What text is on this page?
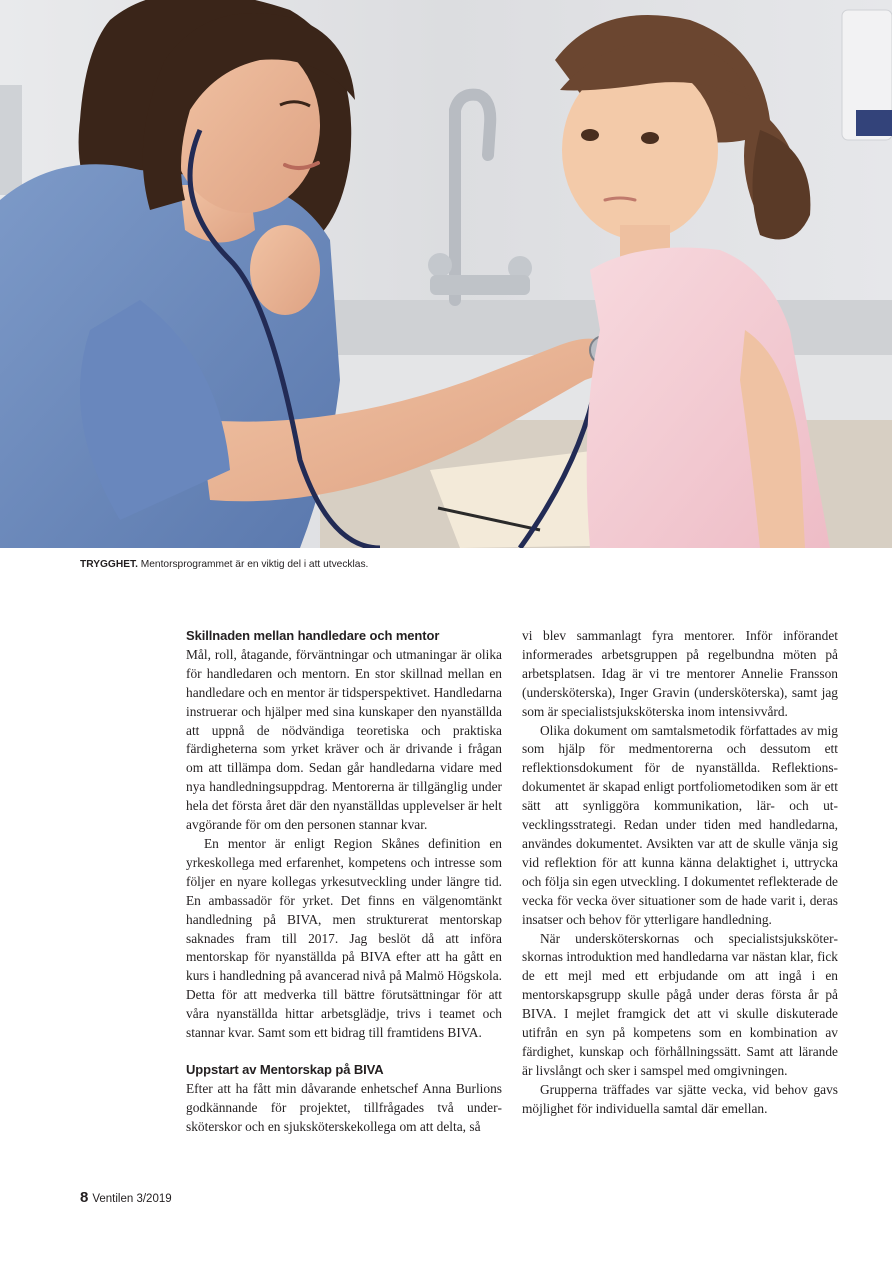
TRYGGHET. Mentorsprogrammet är en viktig del i att utvecklas.
Skillnaden mellan handledare och mentor

Mål, roll, åtagande, förväntningar och utmaningar är olika för handledaren och mentorn. En stor skillnad mellan en handledare och en mentor är tidsperspektivet. Handledarna instruerar och hjälper med sina kunskaper den nyanställda att uppnå de nödvändiga teoretiska och praktiska färdigheterna som yrket kräver och är drivande i frågan om att tillämpa dom. Sedan går handledarna vidare med nya handledningsuppdrag. Mentorerna är tillgänglig under hela det första året där den nyanställdas upplevelser är helt avgörande för om den personen stannar kvar.

En mentor är enligt Region Skånes definition en yrkeskollega med erfarenhet, kompetens och intresse som följer en nyare kollegas yrkesutveckling under längre tid. En ambassadör för yrket. Det finns en välgenomtänkt handledning på BIVA, men strukturerat mentorskap saknades fram till 2017. Jag beslöt då att införa mentorskap för nyanställda på BIVA efter att ha gått en kurs i handledning på avancerad nivå på Malmö Högskola. Detta för att medverka till bättre förutsättningar för att våra nyanställda hittar arbetsglädje, trivs i teamet och stannar kvar. Samt som ett bidrag till framtidens BIVA.

Uppstart av Mentorskap på BIVA

Efter att ha fått min dåvarande enhetschef Anna Burlions godkännande för projektet, tillfrågades två undersköterskor och en sjuksköterskekollega om att delta, så

vi blev sammanlagt fyra mentorer. Inför införandet informerades arbetsgruppen på regelbundna möten på arbetsplatsen. Idag är vi tre mentorer Annelie Fransson (undersköterska), Inger Gravin (undersköterska), samt jag som är specialistsjuksköterska inom intensivvård.

Olika dokument om samtalsmetodik författades av mig som hjälp för medmentorerna och dessutom ett reflektionsdokument för de nyanställda. Reflektionsdokumentet är skapad enligt portfoliometodiken som är ett sätt att synliggöra kommunikation, lär- och utvecklingsstrategi. Redan under tiden med handledarna, användes dokumentet. Avsikten var att de skulle vänja sig vid reflektion för att kunna känna delaktighet i, uttrycka och följa sin egen utveckling. I dokumentet reflekterade de vecka för vecka över situationer som de hade varit i, deras insatser och behov för ytterligare handledning.

När undersköterskornas och specialistsjuksköterskornas introduktion med handledarna var nästan klar, fick de ett mejl med ett erbjudande om att ingå i en mentorskapsgrupp skulle pågå under deras första år på BIVA. I mejlet framgick det att vi skulle diskuterade utifrån en syn på kompetens som en kombination av färdighet, kunskap och förhållningssätt. Samt att lärande är livslångt och sker i samspel med omgivningen.

Grupperna träffades var sjätte vecka, vid behov gavs möjlighet för individuella samtal där emellan.

8 Ventilen 3/2019
